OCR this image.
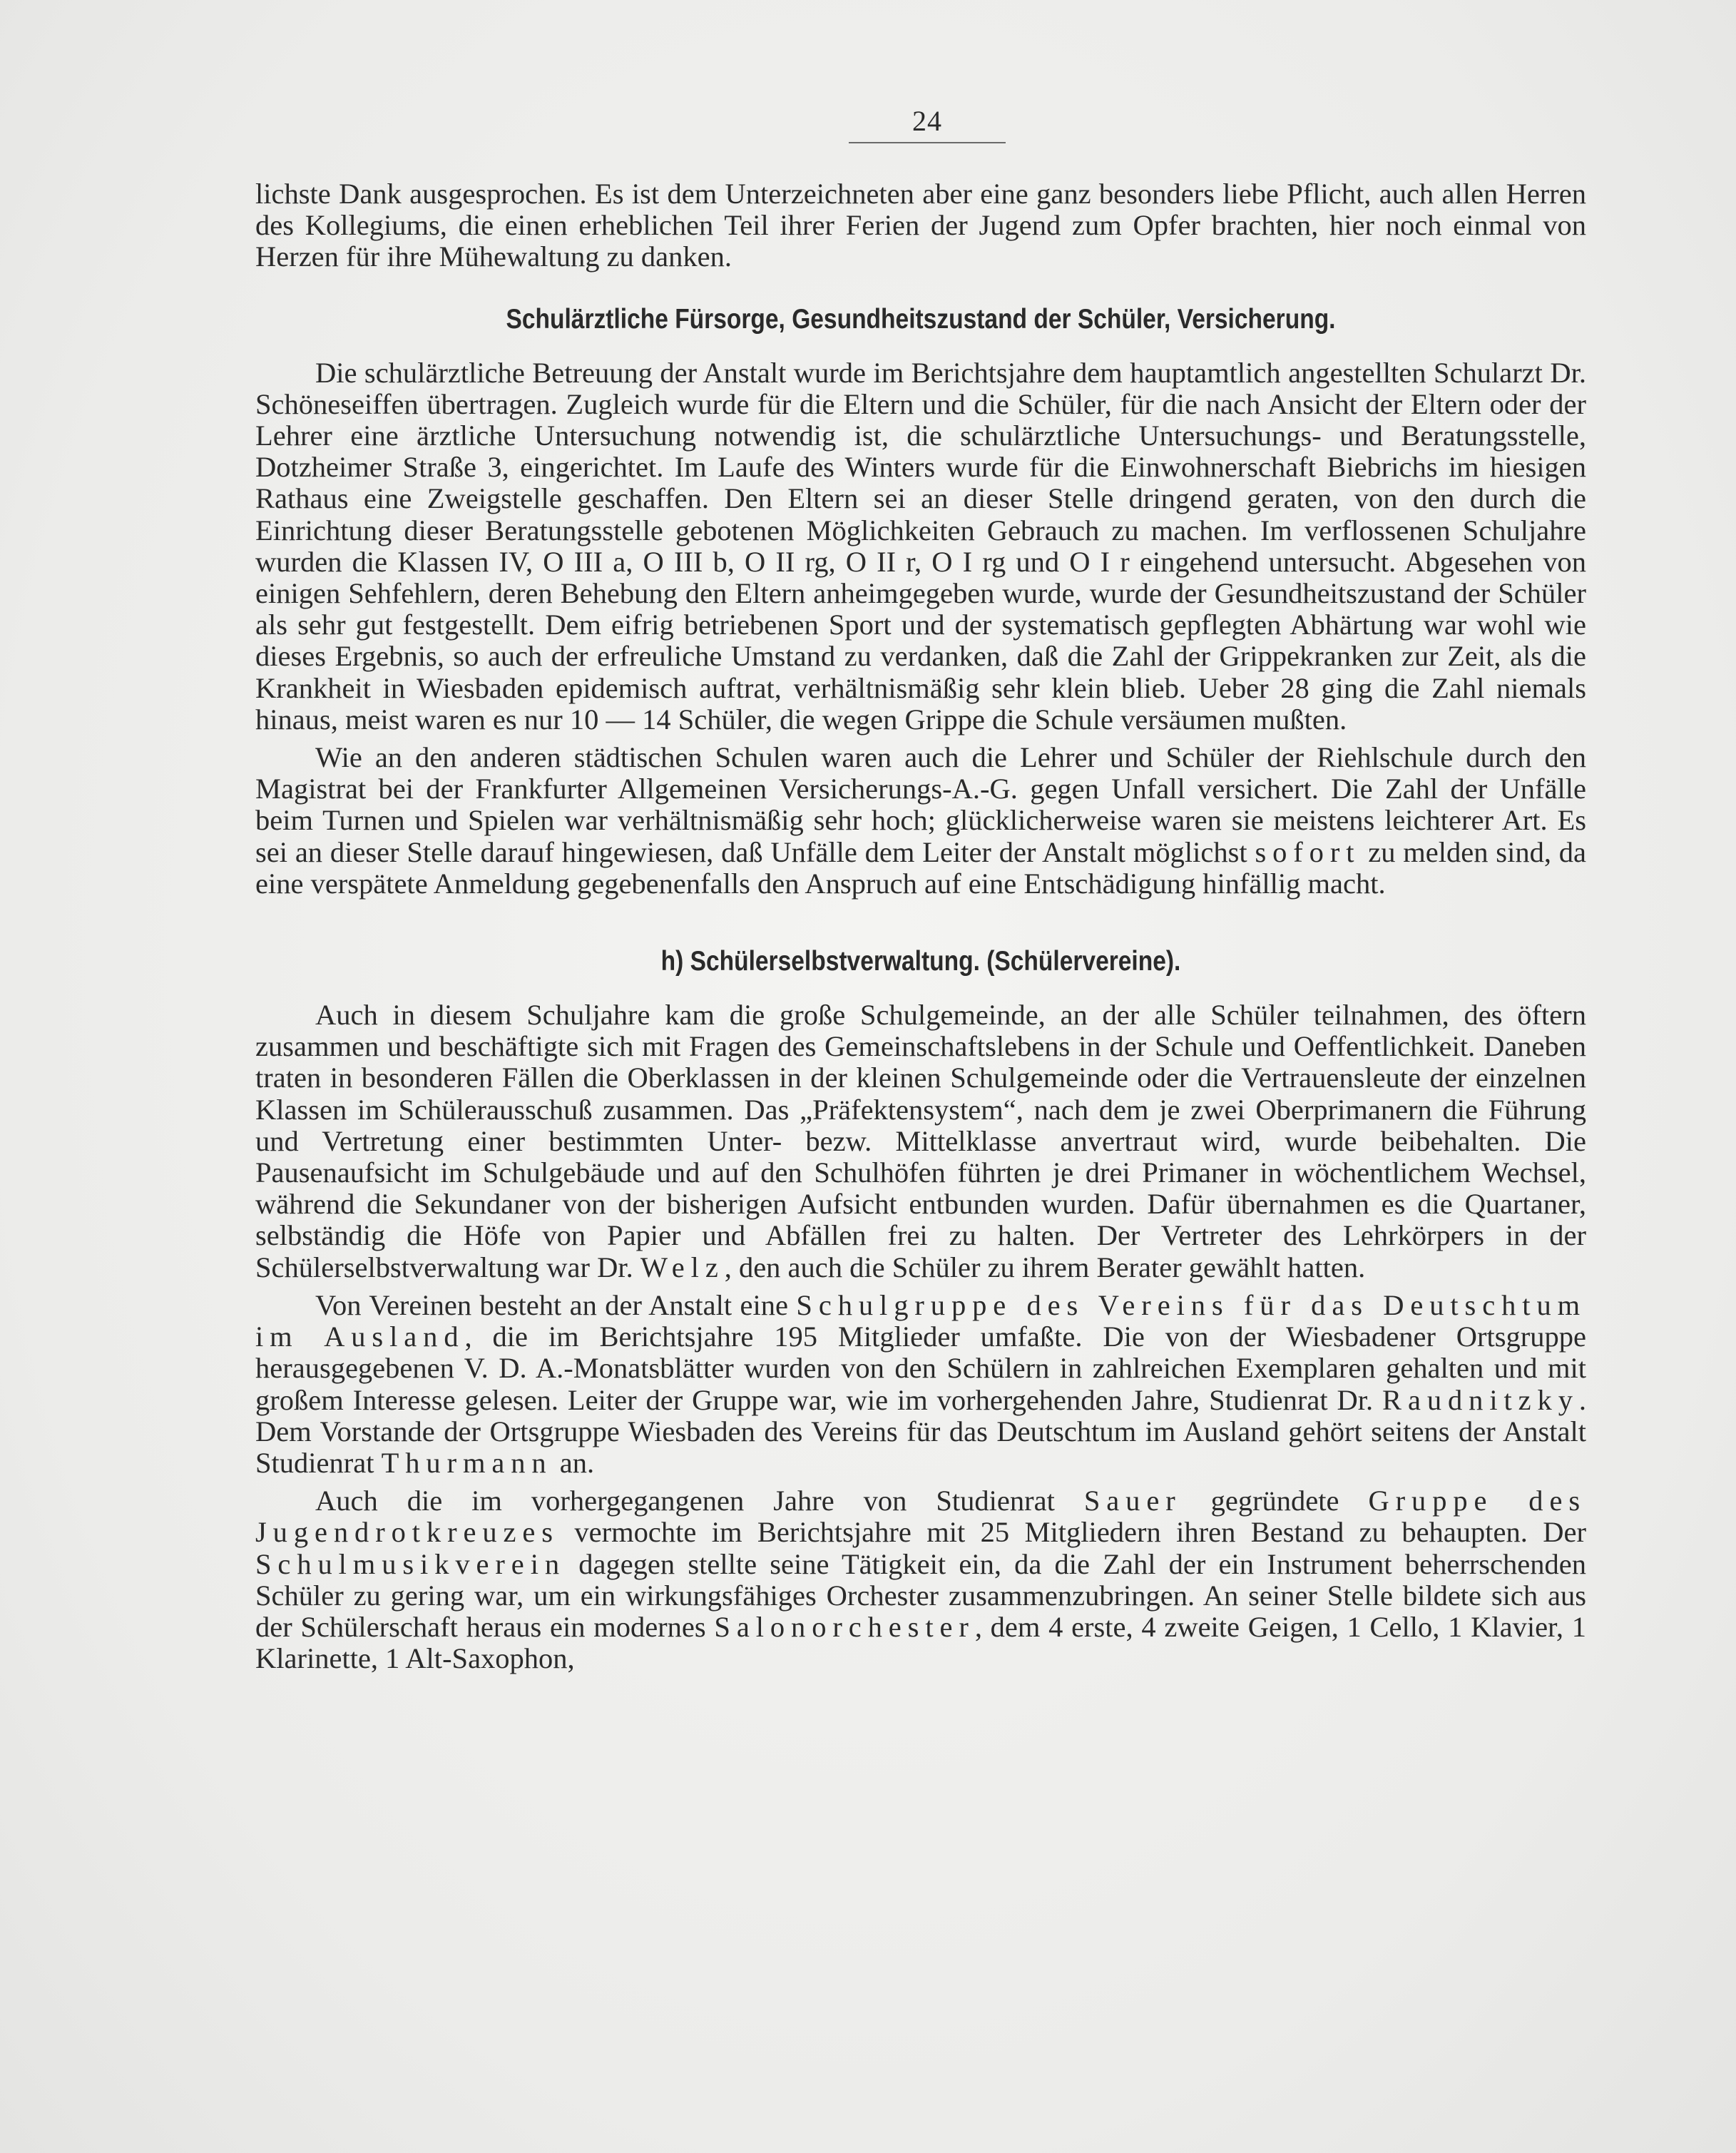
24

lichste Dank ausgesprochen. Es ist dem Unterzeichneten aber eine ganz besonders liebe Pflicht, auch allen Herren des Kollegiums, die einen erheblichen Teil ihrer Ferien der Jugend zum Opfer brachten, hier noch einmal von Herzen für ihre Mühewaltung zu danken.

Schulärztliche Fürsorge, Gesundheitszustand der Schüler, Versicherung.

Die schulärztliche Betreuung der Anstalt wurde im Berichtsjahre dem hauptamtlich angestellten Schularzt Dr. Schöneseiffen übertragen. Zugleich wurde für die Eltern und die Schüler, für die nach Ansicht der Eltern oder der Lehrer eine ärztliche Untersuchung notwendig ist, die schulärztliche Untersuchungs- und Beratungsstelle, Dotzheimer Straße 3, eingerichtet. Im Laufe des Winters wurde für die Einwohnerschaft Biebrichs im hiesigen Rathaus eine Zweigstelle geschaffen. Den Eltern sei an dieser Stelle dringend geraten, von den durch die Einrichtung dieser Beratungsstelle gebotenen Möglichkeiten Gebrauch zu machen. Im verflossenen Schuljahre wurden die Klassen IV, O III a, O III b, O II rg, O II r, O I rg und O I r eingehend untersucht. Abgesehen von einigen Sehfehlern, deren Behebung den Eltern anheimgegeben wurde, wurde der Gesundheitszustand der Schüler als sehr gut festgestellt. Dem eifrig betriebenen Sport und der systematisch gepflegten Abhärtung war wohl wie dieses Ergebnis, so auch der erfreuliche Umstand zu verdanken, daß die Zahl der Grippekranken zur Zeit, als die Krankheit in Wiesbaden epidemisch auftrat, verhältnismäßig sehr klein blieb. Ueber 28 ging die Zahl niemals hinaus, meist waren es nur 10 — 14 Schüler, die wegen Grippe die Schule versäumen mußten.

Wie an den anderen städtischen Schulen waren auch die Lehrer und Schüler der Riehlschule durch den Magistrat bei der Frankfurter Allgemeinen Versicherungs-A.-G. gegen Unfall versichert. Die Zahl der Unfälle beim Turnen und Spielen war verhältnismäßig sehr hoch; glücklicherweise waren sie meistens leichterer Art. Es sei an dieser Stelle darauf hingewiesen, daß Unfälle dem Leiter der Anstalt möglichst sofort zu melden sind, da eine verspätete Anmeldung gegebenenfalls den Anspruch auf eine Entschädigung hinfällig macht.

h) Schülerselbstverwaltung. (Schülervereine).

Auch in diesem Schuljahre kam die große Schulgemeinde, an der alle Schüler teilnahmen, des öftern zusammen und beschäftigte sich mit Fragen des Gemeinschaftslebens in der Schule und Oeffentlichkeit. Daneben traten in besonderen Fällen die Oberklassen in der kleinen Schulgemeinde oder die Vertrauensleute der einzelnen Klassen im Schülerausschuß zusammen. Das „Präfektensystem“, nach dem je zwei Oberprimanern die Führung und Vertretung einer bestimmten Unter- bezw. Mittelklasse anvertraut wird, wurde beibehalten. Die Pausenaufsicht im Schulgebäude und auf den Schulhöfen führten je drei Primaner in wöchentlichem Wechsel, während die Sekundaner von der bisherigen Aufsicht entbunden wurden. Dafür übernahmen es die Quartaner, selbständig die Höfe von Papier und Abfällen frei zu halten. Der Vertreter des Lehrkörpers in der Schülerselbstverwaltung war Dr. Welz, den auch die Schüler zu ihrem Berater gewählt hatten.

Von Vereinen besteht an der Anstalt eine Schulgruppe des Vereins für das Deutschtum im Ausland, die im Berichtsjahre 195 Mitglieder umfaßte. Die von der Wiesbadener Ortsgruppe herausgegebenen V. D. A.-Monatsblätter wurden von den Schülern in zahlreichen Exemplaren gehalten und mit großem Interesse gelesen. Leiter der Gruppe war, wie im vorhergehenden Jahre, Studienrat Dr. Raudnitzky. Dem Vorstande der Ortsgruppe Wiesbaden des Vereins für das Deutschtum im Ausland gehört seitens der Anstalt Studienrat Thurmann an.

Auch die im vorhergegangenen Jahre von Studienrat Sauer gegründete Gruppe des Jugendrotkreuzes vermochte im Berichtsjahre mit 25 Mitgliedern ihren Bestand zu behaupten. Der Schulmusikverein dagegen stellte seine Tätigkeit ein, da die Zahl der ein Instrument beherrschenden Schüler zu gering war, um ein wirkungsfähiges Orchester zusammenzubringen. An seiner Stelle bildete sich aus der Schülerschaft heraus ein modernes Salonorchester, dem 4 erste, 4 zweite Geigen, 1 Cello, 1 Klavier, 1 Klarinette, 1 Alt-Saxophon,
